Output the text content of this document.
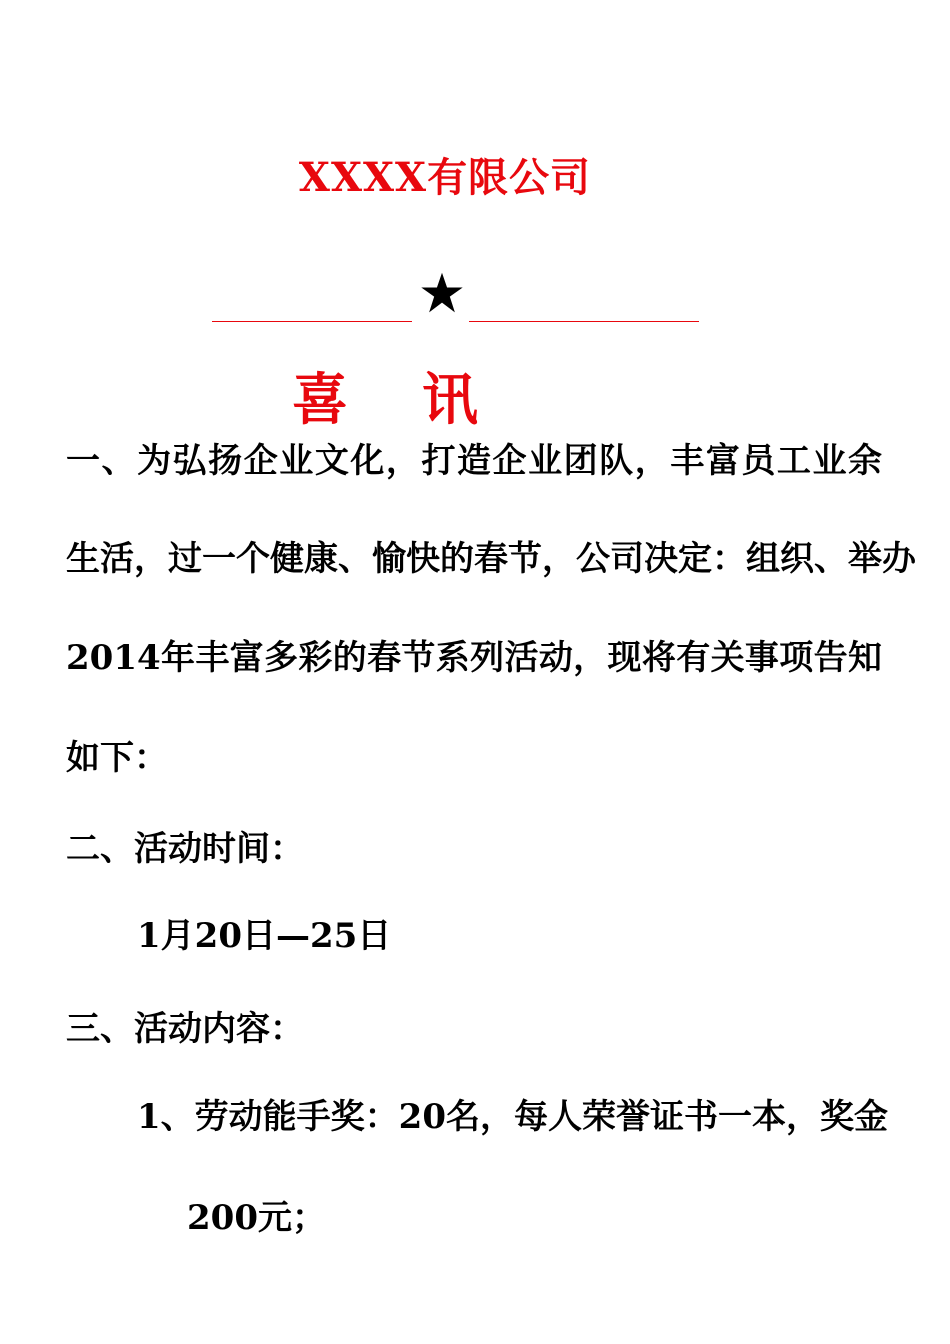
XXXX有限公司
喜 讯
一、为弘扬企业文化，打造企业团队，丰富员工业余
生活，过一个健康、愉快的春节，公司决定：组织、举办
2014年丰富多彩的春节系列活动，现将有关事项告知
如下：
二、活动时间：
1月20日—25日
三、活动内容：
1、劳动能手奖：20名，每人荣誉证书一本，奖金
200元；
